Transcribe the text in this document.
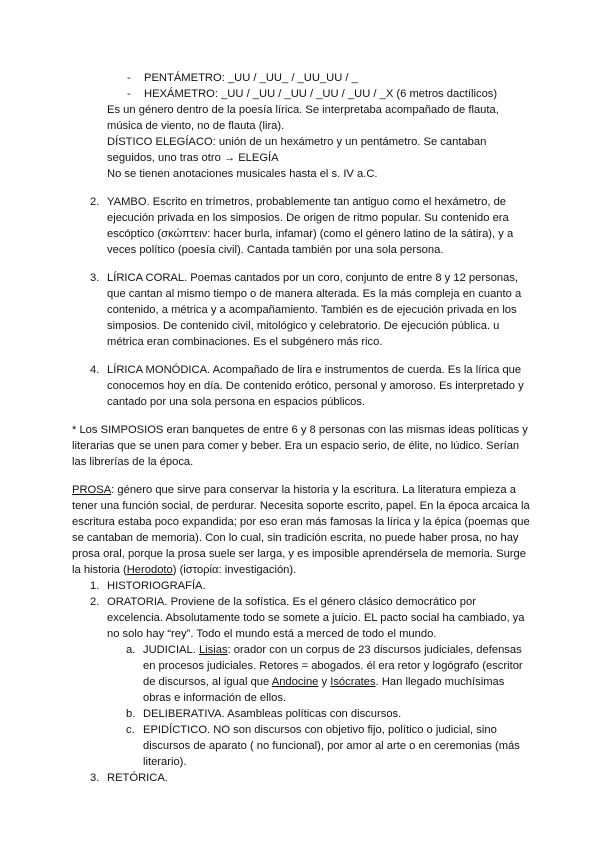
- PENTÁMETRO: _UU / _UU_ / _UU_UU / _
- HEXÁMETRO: _UU / _UU / _UU / _UU / _UU / _X (6 metros dactílicos)
Es un género dentro de la poesía lírica. Se interpretaba acompañado de flauta,
música de viento, no de flauta (lira).
DÍSTICO ELEGÍACO: unión de un hexámetro y un pentámetro. Se cantaban
seguidos, uno tras otro → ELEGÍA
No se tienen anotaciones musicales hasta el s. IV a.C.
2. YAMBO. Escrito en trímetros, probablemente tan antiguo como el hexámetro, de
ejecución privada en los simposios. De origen de ritmo popular. Su contenido era
escóptico (σκώπτειν: hacer burla, infamar) (como el género latino de la sátira), y a
veces político (poesía civil). Cantada también por una sola persona.
3. LÍRICA CORAL. Poemas cantados por un coro, conjunto de entre 8 y 12 personas,
que cantan al mismo tiempo o de manera alterada. Es la más compleja en cuanto a
contenido, a métrica y a acompañamiento. También es de ejecución privada en los
simposios. De contenido civil, mitológico y celebratorio. De ejecución pública. u
métrica eran combinaciones. Es el subgénero más rico.
4. LÍRICA MONÓDICA. Acompañado de lira e instrumentos de cuerda. Es la lírica que
conocemos hoy en día. De contenido erótico, personal y amoroso. Es interpretado y
cantado por una sola persona en espacios públicos.
* Los SIMPOSIOS eran banquetes de entre 6 y 8 personas con las mismas ideas políticas y
literarias que se unen para comer y beber. Era un espacio serio, de élite, no lúdico. Serían
las librerías de la época.
PROSA: género que sirve para conservar la historia y la escritura. La literatura empieza a
tener una función social, de perdurar. Necesita soporte escrito, papel. En la época arcaica la
escritura estaba poco expandida; por eso eran más famosas la lírica y la épica (poemas que
se cantaban de memoria). Con lo cual, sin tradición escrita, no puede haber prosa, no hay
prosa oral, porque la prosa suele ser larga, y es imposible aprendérsela de memoria. Surge
la historia (Herodoto) (ἱστορία: investigación).
1. HISTORIOGRAFÍA.
2. ORATORIA. Proviene de la sofística. Es el género clásico democrático por
excelencia. Absolutamente todo se somete a juicio. EL pacto social ha cambiado, ya
no solo hay “rey”. Todo el mundo está a merced de todo el mundo.
a. JUDICIAL. Lisias: orador con un corpus de 23 discursos judiciales, defensas
en procesos judiciales. Retores = abogados. él era retor y logógrafo (escritor
de discursos, al igual que Andocine y Isócrates. Han llegado muchísimas
obras e información de ellos.
b. DELIBERATIVA. Asambleas políticas con discursos.
c. EPIDÍCTICO. NO son discursos con objetivo fijo, político o judicial, sino
discursos de aparato ( no funcional), por amor al arte o en ceremonias (más
literario).
3. RETÓRICA.
